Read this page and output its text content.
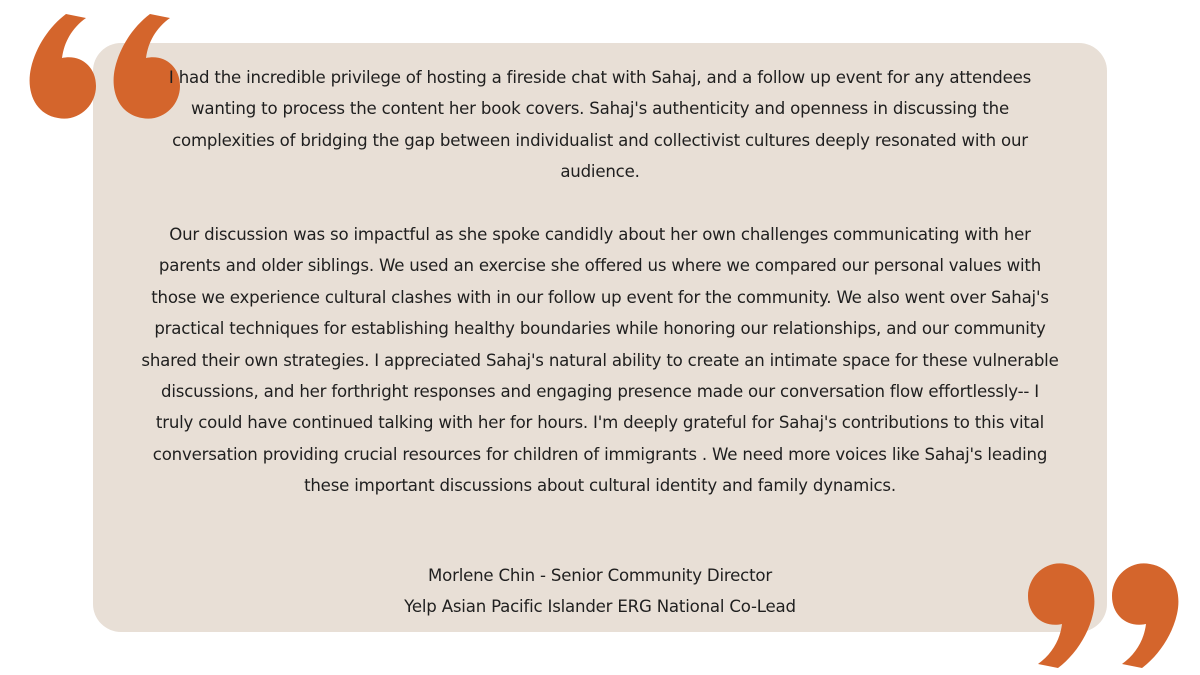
I had the incredible privilege of hosting a fireside chat with Sahaj, and a follow up event for any attendees wanting to process the content her book covers. Sahaj's authenticity and openness in discussing the complexities of bridging the gap between individualist and collectivist cultures deeply resonated with our audience.

Our discussion was so impactful as she spoke candidly about her own challenges communicating with her parents and older siblings. We used an exercise she offered us where we compared our personal values with those we experience cultural clashes with in our follow up event for the community. We also went over Sahaj's practical techniques for establishing healthy boundaries while honoring our relationships, and our community shared their own strategies. I appreciated Sahaj's natural ability to create an intimate space for these vulnerable discussions, and her forthright responses and engaging presence made our conversation flow effortlessly-- I truly could have continued talking with her for hours. I'm deeply grateful for Sahaj's contributions to this vital conversation providing crucial resources for children of immigrants . We need more voices like Sahaj's leading these important discussions about cultural identity and family dynamics.

Morlene Chin - Senior Community Director
Yelp Asian Pacific Islander ERG National Co-Lead
